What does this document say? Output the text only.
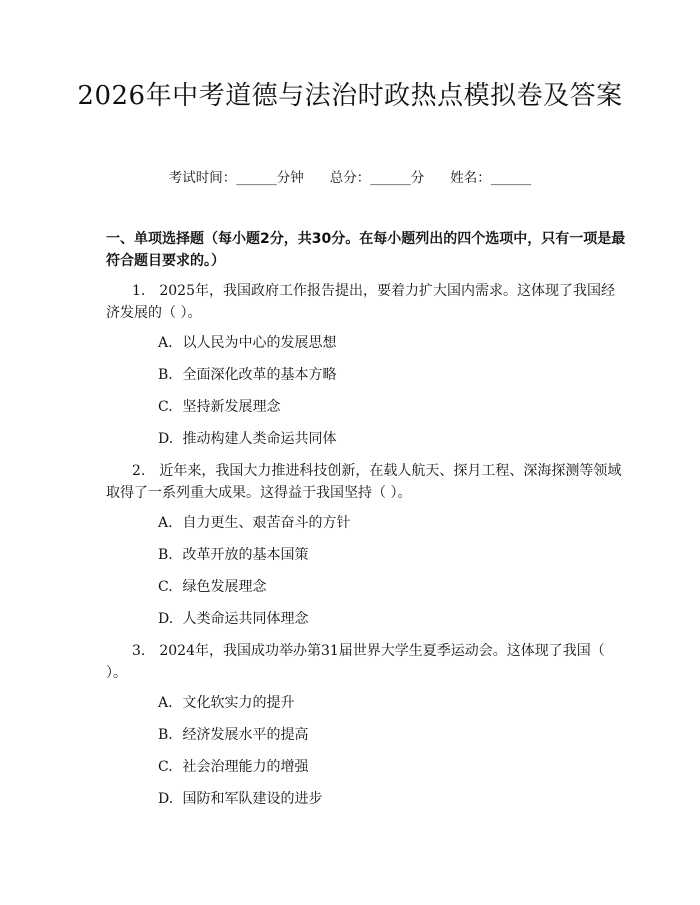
2026年中考道德与法治时政热点模拟卷及答案
考试时间：______分钟 总分：______分 姓名：______
一、单项选择题（每小题2分，共30分。在每小题列出的四个选项中，只有一项是最符合题目要求的。）
1.　2025年，我国政府工作报告提出，要着力扩大国内需求。这体现了我国经济发展的（ ）。
A. 以人民为中心的发展思想
B. 全面深化改革的基本方略
C. 坚持新发展理念
D. 推动构建人类命运共同体
2.　近年来，我国大力推进科技创新，在载人航天、探月工程、深海探测等领域取得了一系列重大成果。这得益于我国坚持（ ）。
A. 自力更生、艰苦奋斗的方针
B. 改革开放的基本国策
C. 绿色发展理念
D. 人类命运共同体理念
3.　2024年，我国成功举办第31届世界大学生夏季运动会。这体现了我国（ ）。
A. 文化软实力的提升
B. 经济发展水平的提高
C. 社会治理能力的增强
D. 国防和军队建设的进步
